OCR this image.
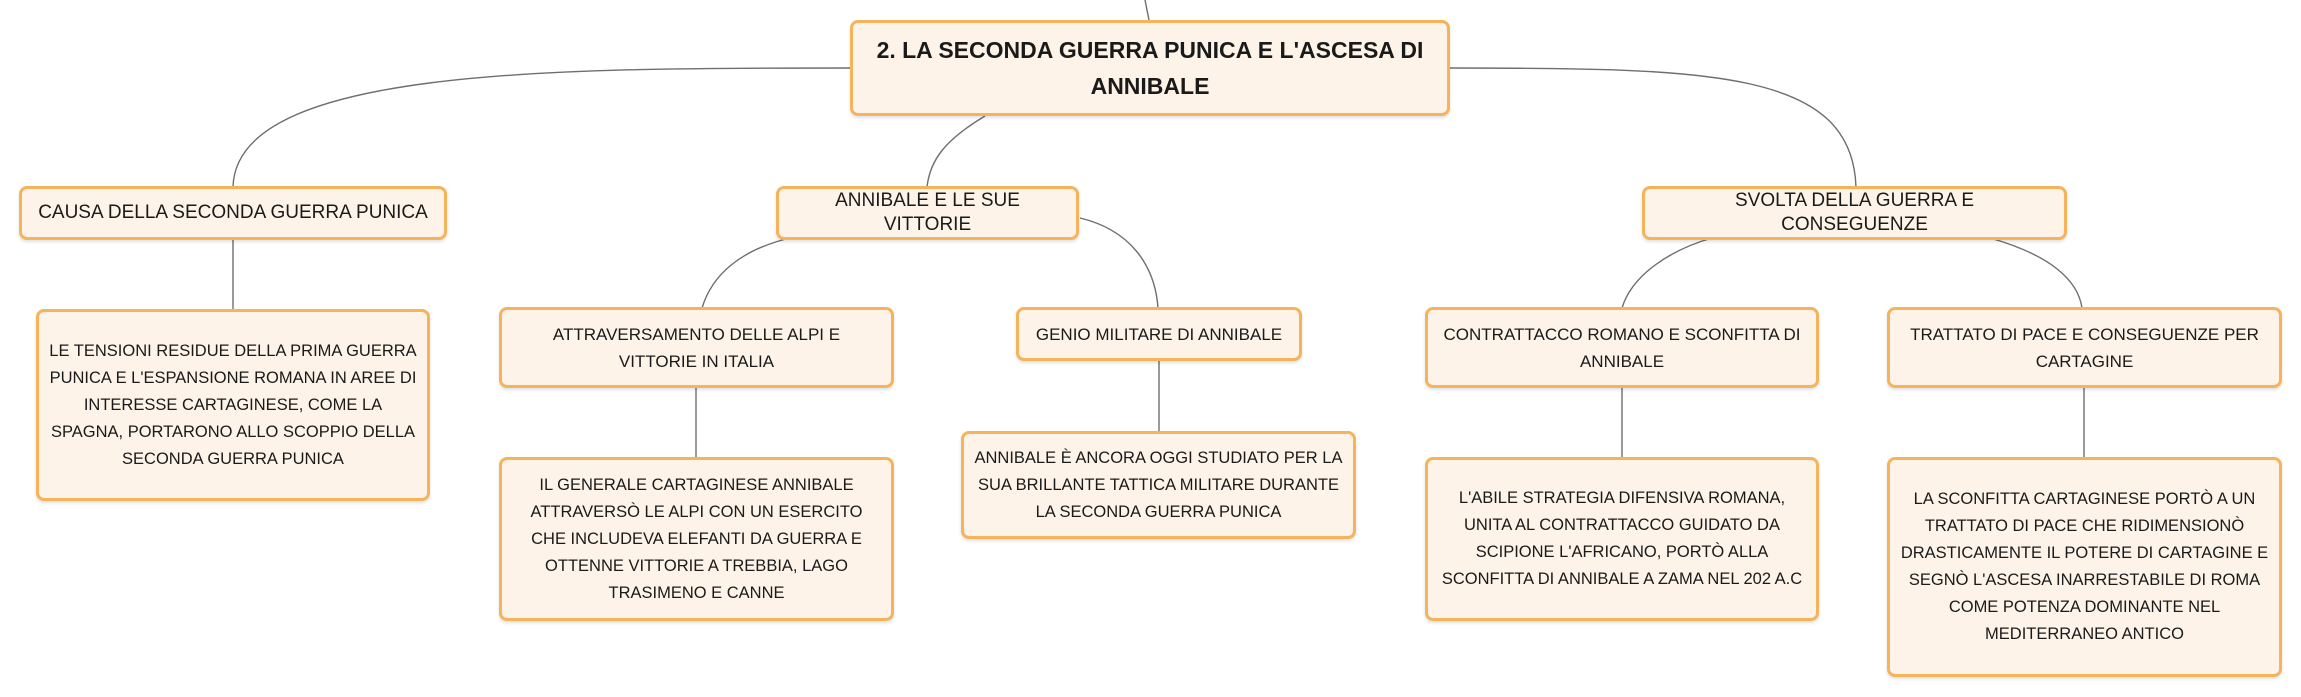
2. LA SECONDA GUERRA PUNICA E L'ASCESA DI ANNIBALE
CAUSA DELLA SECONDA GUERRA PUNICA
ANNIBALE E LE SUE VITTORIE
SVOLTA DELLA GUERRA E CONSEGUENZE
LE TENSIONI RESIDUE DELLA PRIMA GUERRA PUNICA E L'ESPANSIONE ROMANA IN AREE DI INTERESSE CARTAGINESE, COME LA SPAGNA, PORTARONO ALLO SCOPPIO DELLA SECONDA GUERRA PUNICA
ATTRAVERSAMENTO DELLE ALPI E VITTORIE IN ITALIA
GENIO MILITARE DI ANNIBALE	CONTRATTACCO ROMANO E SCONFITTA DI ANNIBALE
TRATTATO DI PACE E CONSEGUENZE PER CARTAGINE
IL GENERALE CARTAGINESE ANNIBALE ATTRAVERSÒ LE ALPI CON UN ESERCITO CHE INCLUDEVA ELEFANTI DA GUERRA E OTTENNE VITTORIE A TREBBIA, LAGO TRASIMENO E CANNE
ANNIBALE È ANCORA OGGI STUDIATO PER LA SUA BRILLANTE TATTICA MILITARE DURANTE LA SECONDA GUERRA PUNICA
L'ABILE STRATEGIA DIFENSIVA ROMANA, UNITA AL CONTRATTACCO GUIDATO DA SCIPIONE L'AFRICANO, PORTÒ ALLA SCONFITTA DI ANNIBALE A ZAMA NEL 202 A.C
LA SCONFITTA CARTAGINESE PORTÒ A UN TRATTATO DI PACE CHE RIDIMENSIONÒ DRASTICAMENTE IL POTERE DI CARTAGINE E SEGNÒ L'ASCESA INARRESTABILE DI ROMA COME POTENZA DOMINANTE NEL MEDITERRANEO ANTICO
